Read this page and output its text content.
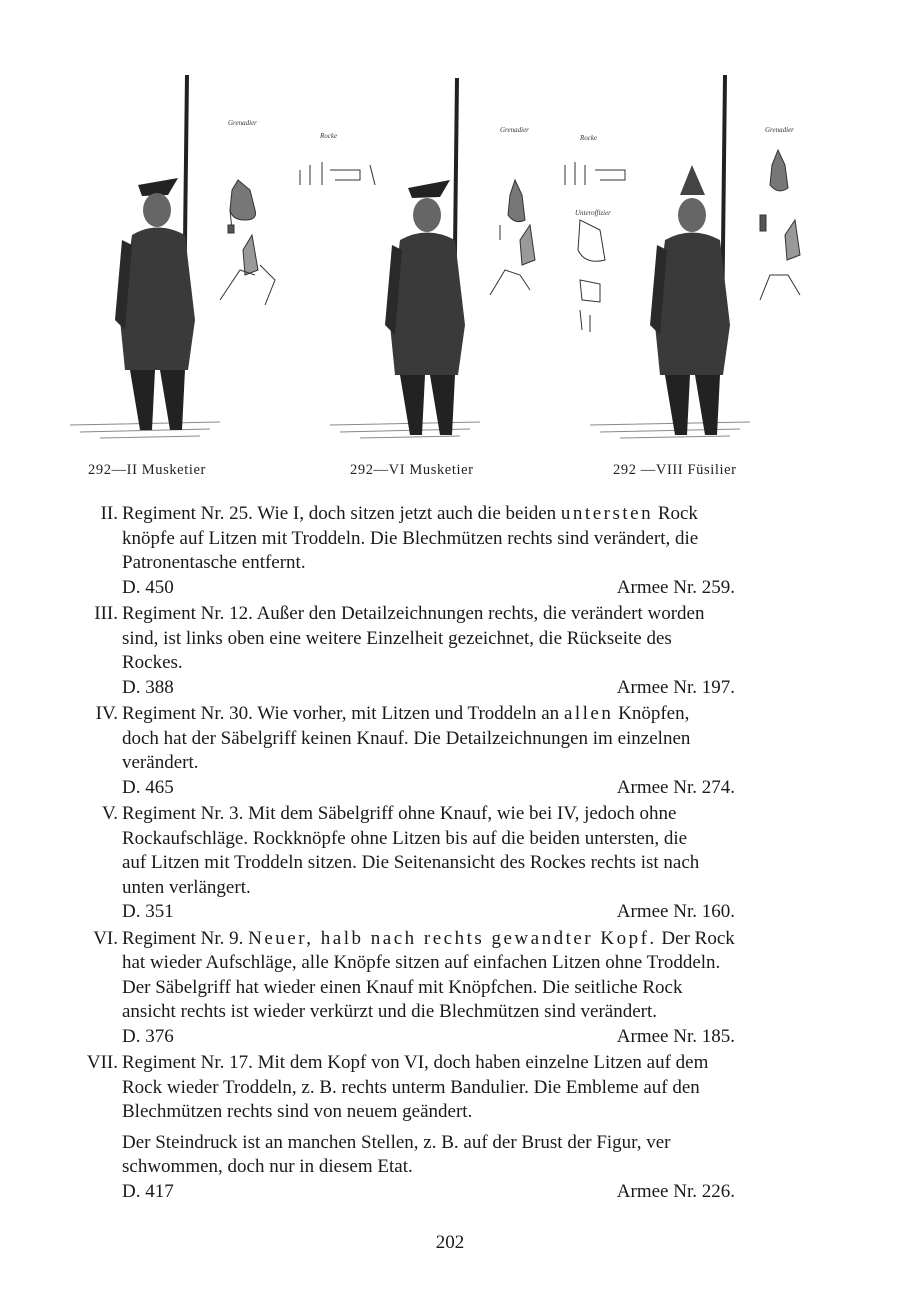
Grenadier
Rocke
Grenadier
Rocke
Unteroffizier
Grenadier
292—II Musketier	292—VI Musketier	292 —VIII Füsilier
II. Regiment Nr. 25. Wie I, doch sitzen jetzt auch die beiden untersten Rock
knöpfe auf Litzen mit Troddeln. Die Blechmützen rechts sind verändert, die
Patronentasche entfernt.
D. 450	Armee Nr. 259.
III. Regiment Nr. 12. Außer den Detailzeichnungen rechts, die verändert worden
sind, ist links oben eine weitere Einzelheit gezeichnet, die Rückseite des
Rockes.
D. 388	Armee Nr. 197.
IV. Regiment Nr. 30. Wie vorher, mit Litzen und Troddeln an allen Knöpfen,
doch hat der Säbelgriff keinen Knauf. Die Detailzeichnungen im einzelnen
verändert.
D. 465	Armee Nr. 274.
V. Regiment Nr. 3. Mit dem Säbelgriff ohne Knauf, wie bei IV, jedoch ohne
Rockaufschläge. Rockknöpfe ohne Litzen bis auf die beiden untersten, die
auf Litzen mit Troddeln sitzen. Die Seitenansicht des Rockes rechts ist nach
unten verlängert.
D. 351	Armee Nr. 160.
VI. Regiment Nr. 9. Neuer, halb nach rechts gewandter Kopf. Der Rock
hat wieder Aufschläge, alle Knöpfe sitzen auf einfachen Litzen ohne Troddeln.
Der Säbelgriff hat wieder einen Knauf mit Knöpfchen. Die seitliche Rock
ansicht rechts ist wieder verkürzt und die Blechmützen sind verändert.
D. 376	Armee Nr. 185.
VII. Regiment Nr. 17. Mit dem Kopf von VI, doch haben einzelne Litzen auf dem
Rock wieder Troddeln, z. B. rechts unterm Bandulier. Die Embleme auf den
Blechmützen rechts sind von neuem geändert.
Der Steindruck ist an manchen Stellen, z. B. auf der Brust der Figur, ver
schwommen, doch nur in diesem Etat.
D. 417	Armee Nr. 226.
202
